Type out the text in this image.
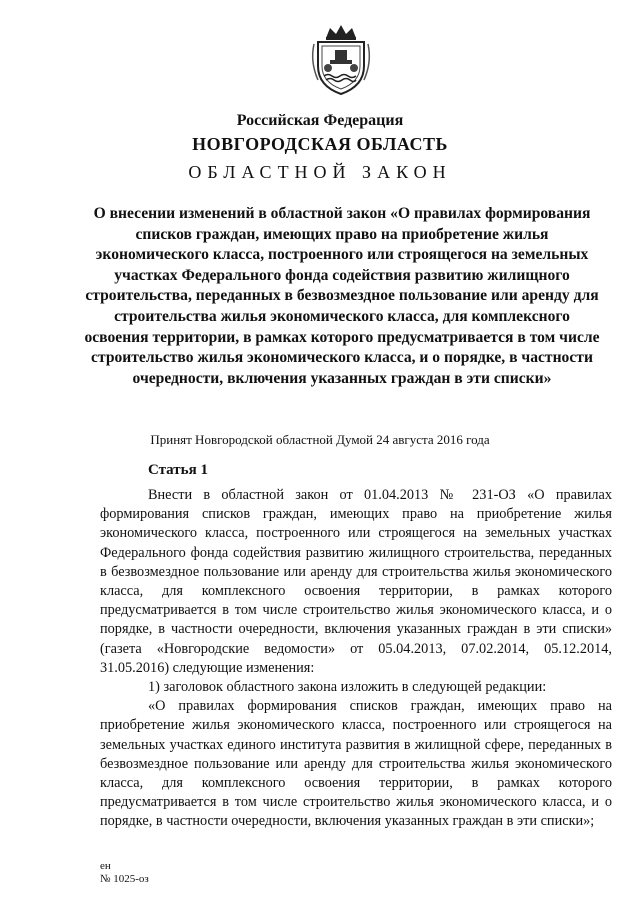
Российская Федерация
НОВГОРОДСКАЯ ОБЛАСТЬ
ОБЛАСТНОЙ ЗАКОН
О внесении изменений в областной закон «О правилах формирования списков граждан, имеющих право на приобретение жилья экономического класса, построенного или строящегося на земельных участках Федерального фонда содействия развитию жилищного строительства, переданных в безвозмездное пользование или аренду для строительства жилья экономического класса, для комплексного освоения территории, в рамках которого предусматривается в том числе строительство жилья экономического класса, и о порядке, в частности очередности, включения указанных граждан в эти списки»
Принят Новгородской областной Думой 24 августа 2016 года
Статья 1

Внести в областной закон от 01.04.2013 № 231-ОЗ «О правилах формирования списков граждан, имеющих право на приобретение жилья экономического класса, построенного или строящегося на земельных участках Федерального фонда содействия развитию жилищного строительства, переданных в безвозмездное пользование или аренду для строительства жилья экономического класса, для комплексного освоения территории, в рамках которого предусматривается в том числе строительство жилья экономического класса, и о порядке, в частности очередности, включения указанных граждан в эти списки» (газета «Новгородские ведомости» от 05.04.2013, 07.02.2014, 05.12.2014, 31.05.2016) следующие изменения:

1) заголовок областного закона изложить в следующей редакции:

«О правилах формирования списков граждан, имеющих право на приобретение жилья экономического класса, построенного или строящегося на земельных участках единого института развития в жилищной сфере, переданных в безвозмездное пользование или аренду для строительства жилья экономического класса, для комплексного освоения территории, в рамках которого предусматривается в том числе строительство жилья экономического класса, и о порядке, в частности очередности, включения указанных граждан в эти списки»;

ен
№ 1025-оз
